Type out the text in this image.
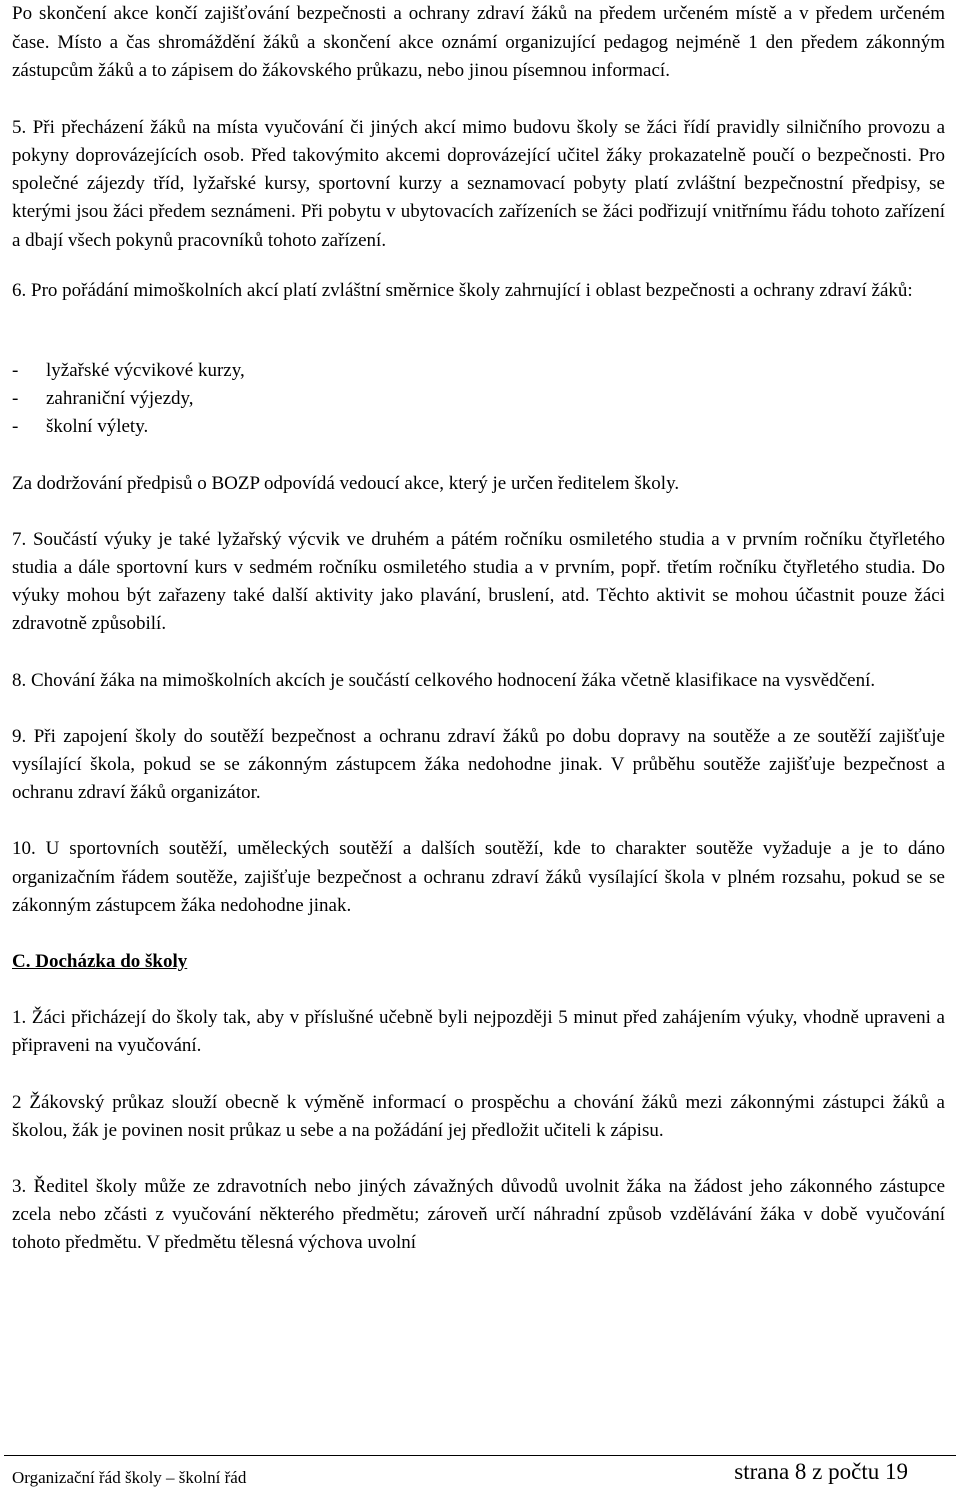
Po skončení akce končí zajišťování bezpečnosti a ochrany zdraví žáků na předem určeném místě a v předem určeném čase. Místo a čas shromáždění žáků a skončení akce oznámí organizující pedagog nejméně 1 den předem zákonným zástupcům žáků a to zápisem do žákovského průkazu, nebo jinou písemnou informací.

5. Při přecházení žáků na místa vyučování či jiných akcí mimo budovu školy se žáci řídí pravidly silničního provozu a pokyny doprovázejících osob. Před takovýmito akcemi doprovázející učitel žáky prokazatelně poučí o bezpečnosti. Pro společné zájezdy tříd, lyžařské kursy, sportovní kurzy a seznamovací pobyty platí zvláštní bezpečnostní předpisy, se kterými jsou žáci předem seznámeni. Při pobytu v ubytovacích zařízeních se žáci podřizují vnitřnímu řádu tohoto zařízení a dbají všech pokynů pracovníků tohoto zařízení.

6. Pro pořádání mimoškolních akcí platí zvláštní směrnice školy zahrnující i oblast bezpečnosti a ochrany zdraví žáků:

- lyžařské výcvikové kurzy,
- zahraniční výjezdy,
- školní výlety.

Za dodržování předpisů o BOZP odpovídá vedoucí akce, který je určen ředitelem školy.

7. Součástí výuky je také lyžařský výcvik ve druhém a pátém ročníku osmiletého studia a v prvním ročníku čtyřletého studia a dále sportovní kurs v sedmém ročníku osmiletého studia a v prvním, popř. třetím ročníku čtyřletého studia. Do výuky mohou být zařazeny také další aktivity jako plavání, bruslení, atd. Těchto aktivit se mohou účastnit pouze žáci zdravotně způsobilí.

8. Chování žáka na mimoškolních akcích je součástí celkového hodnocení žáka včetně klasifikace na vysvědčení.

9. Při zapojení školy do soutěží bezpečnost a ochranu zdraví žáků po dobu dopravy na soutěže a ze soutěží zajišťuje vysílající škola, pokud se se zákonným zástupcem žáka nedohodne jinak. V průběhu soutěže zajišťuje bezpečnost a ochranu zdraví žáků organizátor.

10. U sportovních soutěží, uměleckých soutěží a dalších soutěží, kde to charakter soutěže vyžaduje a je to dáno organizačním řádem soutěže, zajišťuje bezpečnost a ochranu zdraví žáků vysílající škola v plném rozsahu, pokud se se zákonným zástupcem žáka nedohodne jinak.

C. Docházka do školy

1. Žáci přicházejí do školy tak, aby v příslušné učebně byli nejpozději 5 minut před zahájením výuky, vhodně upraveni a připraveni na vyučování.

2 Žákovský průkaz slouží obecně k výměně informací o prospěchu a chování žáků mezi zákonnými zástupci žáků a školou, žák je povinen nosit průkaz u sebe a na požádání jej předložit učiteli k zápisu.

3. Ředitel školy může ze zdravotních nebo jiných závažných důvodů uvolnit žáka na žádost jeho zákonného zástupce zcela nebo zčásti z vyučování některého předmětu; zároveň určí náhradní způsob vzdělávání žáka v době vyučování tohoto předmětu. V předmětu tělesná výchova uvolní

Organizační řád školy – školní řád	strana 8 z počtu 19
